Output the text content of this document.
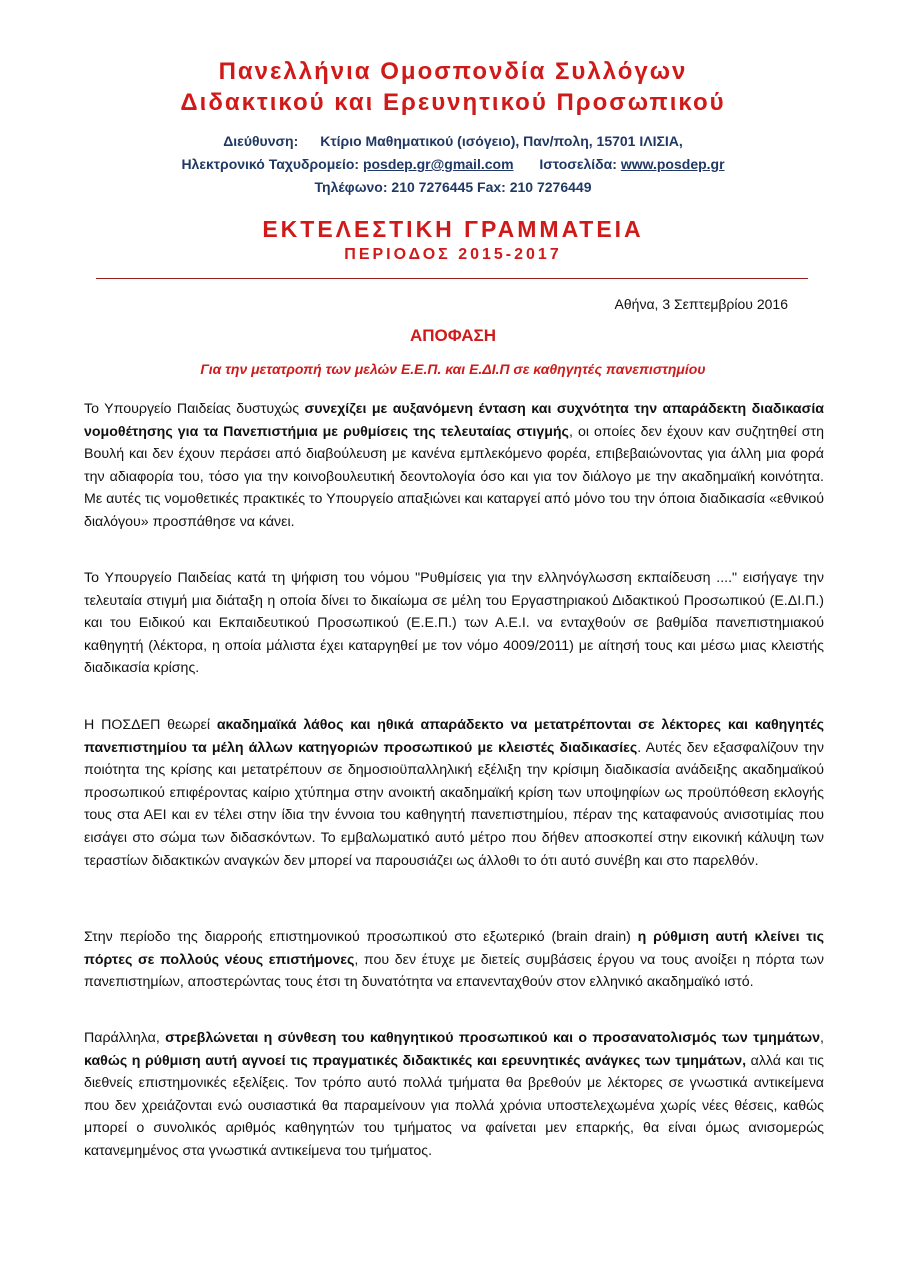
Πανελλήνια Ομοσπονδία Συλλόγων
Διδακτικού και Ερευνητικού Προσωπικού
Διεύθυνση: Κτίριο Μαθηματικού (ισόγειο), Παν/πολη, 15701 ΙΛΙΣΙΑ,
Ηλεκτρονικό Ταχυδρομείο: posdep.gr@gmail.com Ιστοσελίδα: www.posdep.gr
Τηλέφωνο: 210 7276445 Fax: 210 7276449
ΕΚΤΕΛΕΣΤΙΚΗ ΓΡΑΜΜΑΤΕΙΑ
ΠΕΡΙΟΔΟΣ 2015-2017
Αθήνα, 3 Σεπτεμβρίου 2016
ΑΠΟΦΑΣΗ
Για την μετατροπή των μελών Ε.Ε.Π. και Ε.ΔΙ.Π σε καθηγητές πανεπιστημίου
Το Υπουργείο Παιδείας δυστυχώς συνεχίζει με αυξανόμενη ένταση και συχνότητα την απαράδεκτη διαδικασία νομοθέτησης για τα Πανεπιστήμια με ρυθμίσεις της τελευταίας στιγμής, οι οποίες δεν έχουν καν συζητηθεί στη Βουλή και δεν έχουν περάσει από διαβούλευση με κανένα εμπλεκόμενο φορέα, επιβεβαιώνοντας για άλλη μια φορά την αδιαφορία του, τόσο για την κοινοβουλευτική δεοντολογία όσο και για τον διάλογο με την ακαδημαϊκή κοινότητα. Με αυτές τις νομοθετικές πρακτικές το Υπουργείο απαξιώνει και καταργεί από μόνο του την όποια διαδικασία «εθνικού διαλόγου» προσπάθησε να κάνει.
Το Υπουργείο Παιδείας κατά τη ψήφιση του νόμου "Ρυθμίσεις για την ελληνόγλωσση εκπαίδευση ...." εισήγαγε την τελευταία στιγμή μια διάταξη η οποία δίνει το δικαίωμα σε μέλη του Εργαστηριακού Διδακτικού Προσωπικού (Ε.ΔΙ.Π.) και του Ειδικού και Εκπαιδευτικού Προσωπικού (Ε.Ε.Π.) των Α.Ε.Ι. να ενταχθούν σε βαθμίδα πανεπιστημιακού καθηγητή (λέκτορα, η οποία μάλιστα έχει καταργηθεί με τον νόμο 4009/2011) με αίτησή τους και μέσω μιας κλειστής διαδικασία κρίσης.
Η ΠΟΣΔΕΠ θεωρεί ακαδημαϊκά λάθος και ηθικά απαράδεκτο να μετατρέπονται σε λέκτορες και καθηγητές πανεπιστημίου τα μέλη άλλων κατηγοριών προσωπικού με κλειστές διαδικασίες. Αυτές δεν εξασφαλίζουν την ποιότητα της κρίσης και μετατρέπουν σε δημοσιοϋπαλληλική εξέλιξη την κρίσιμη διαδικασία ανάδειξης ακαδημαϊκού προσωπικού επιφέροντας καίριο χτύπημα στην ανοικτή ακαδημαϊκή κρίση των υποψηφίων ως προϋπόθεση εκλογής τους στα ΑΕΙ και εν τέλει στην ίδια την έννοια του καθηγητή πανεπιστημίου, πέραν της καταφανούς ανισοτιμίας που εισάγει στο σώμα των διδασκόντων. Το εμβαλωματικό αυτό μέτρο που δήθεν αποσκοπεί στην εικονική κάλυψη των τεραστίων διδακτικών αναγκών δεν μπορεί να παρουσιάζει ως άλλοθι το ότι αυτό συνέβη και στο παρελθόν.
Στην περίοδο της διαρροής επιστημονικού προσωπικού στο εξωτερικό (brain drain) η ρύθμιση αυτή κλείνει τις πόρτες σε πολλούς νέους επιστήμονες, που δεν έτυχε με διετείς συμβάσεις έργου να τους ανοίξει η πόρτα των πανεπιστημίων, αποστερώντας τους έτσι τη δυνατότητα να επανενταχθούν στον ελληνικό ακαδημαϊκό ιστό.
Παράλληλα, στρεβλώνεται η σύνθεση του καθηγητικού προσωπικού και ο προσανατολισμός των τμημάτων, καθώς η ρύθμιση αυτή αγνοεί τις πραγματικές διδακτικές και ερευνητικές ανάγκες των τμημάτων, αλλά και τις διεθνείς επιστημονικές εξελίξεις. Τον τρόπο αυτό πολλά τμήματα θα βρεθούν με λέκτορες σε γνωστικά αντικείμενα που δεν χρειάζονται ενώ ουσιαστικά θα παραμείνουν για πολλά χρόνια υποστελεχωμένα χωρίς νέες θέσεις, καθώς μπορεί ο συνολικός αριθμός καθηγητών του τμήματος να φαίνεται μεν επαρκής, θα είναι όμως ανισομερώς κατανεμημένος στα γνωστικά αντικείμενα του τμήματος.
